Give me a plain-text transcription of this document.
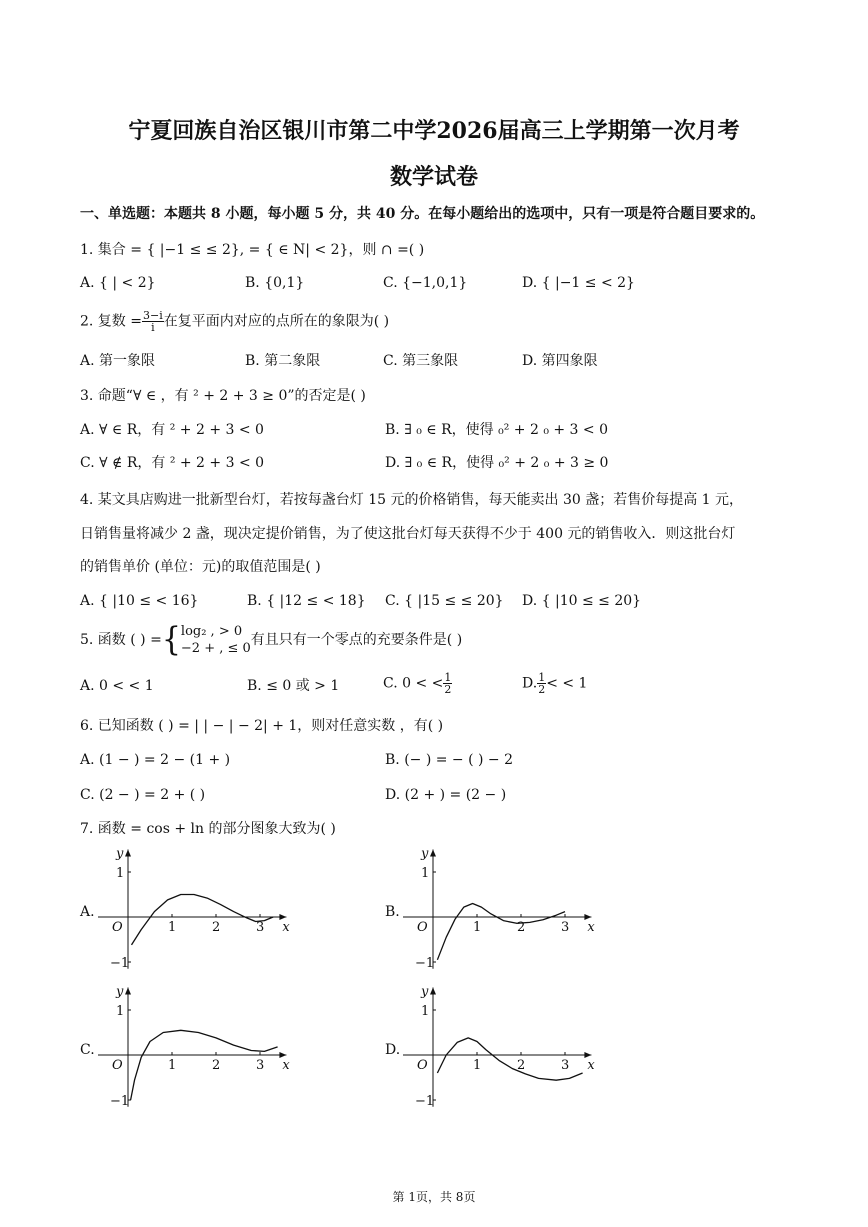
宁夏回族自治区银川市第二中学2026届高三上学期第一次月考
数学试卷
一、单选题：本题共 8 小题，每小题 5 分，共 40 分。在每小题给出的选项中，只有一项是符合题目要求的。
1. 集合 = { |−1 ≤ ≤ 2}, = { ∈ N| < 2}，则 ∩ =( )
A. { | < 2}	B. {0,1}	C. {−1,0,1}	D. { |−1 ≤ < 2}
2. 复数 = $\frac{3-i}{i}$ 在复平面内对应的点所在的象限为( )
A. 第一象限	B. 第二象限	C. 第三象限	D. 第四象限
3. 命题“∀ ∈ ，有 ² + 2 + 3 ≥ 0”的否定是( )
A. ∀ ∈ R，有 ² + 2 + 3 < 0	B. ∃ ₀ ∈ R，使得 ₀² + 2 ₀ + 3 < 0
C. ∀ ∉ R，有 ² + 2 + 3 < 0	D. ∃ ₀ ∈ R，使得 ₀² + 2 ₀ + 3 ≥ 0
4. 某文具店购进一批新型台灯，若按每盏台灯 15 元的价格销售，每天能卖出 30 盏；若售价每提高 1 元，
日销售量将减少 2 盏，现决定提价销售，为了使这批台灯每天获得不少于 400 元的销售收入．则这批台灯
的销售单价 (单位：元)的取值范围是( )
A. { |10 ≤ < 16}	B. { |12 ≤ < 18} C. { |15 ≤ ≤ 20} D. { |10 ≤ ≤ 20}
5. 函数 ( ) ={ log₂ , > 0
−2 + , ≤ 0
有且只有一个零点的充要条件是( )
A. 0 < < 1	B. ≤ 0 或 > 1	C. 0 < < $\frac{1}{2}$	D. $\frac{1}{2}$ < < 1
6. 已知函数 ( ) = | | − | − 2| + 1，则对任意实数 ，有( )
A. (1 − ) = 2 − (1 + )	B. (− ) = − ( ) − 2
C. (2 − ) = 2 + ( )	D. (2 + ) = (2 − )
7. 函数 = cos + ln 的部分图象大致为( )
A.	B.
C.	D.
y
x
O
1
−1
1	2	3
y
x
O
1
−1
1	2	3
y
x
O
1
−1
1	2	3
y
x
O
1
−1
1	2	3
第 1页，共 8页
